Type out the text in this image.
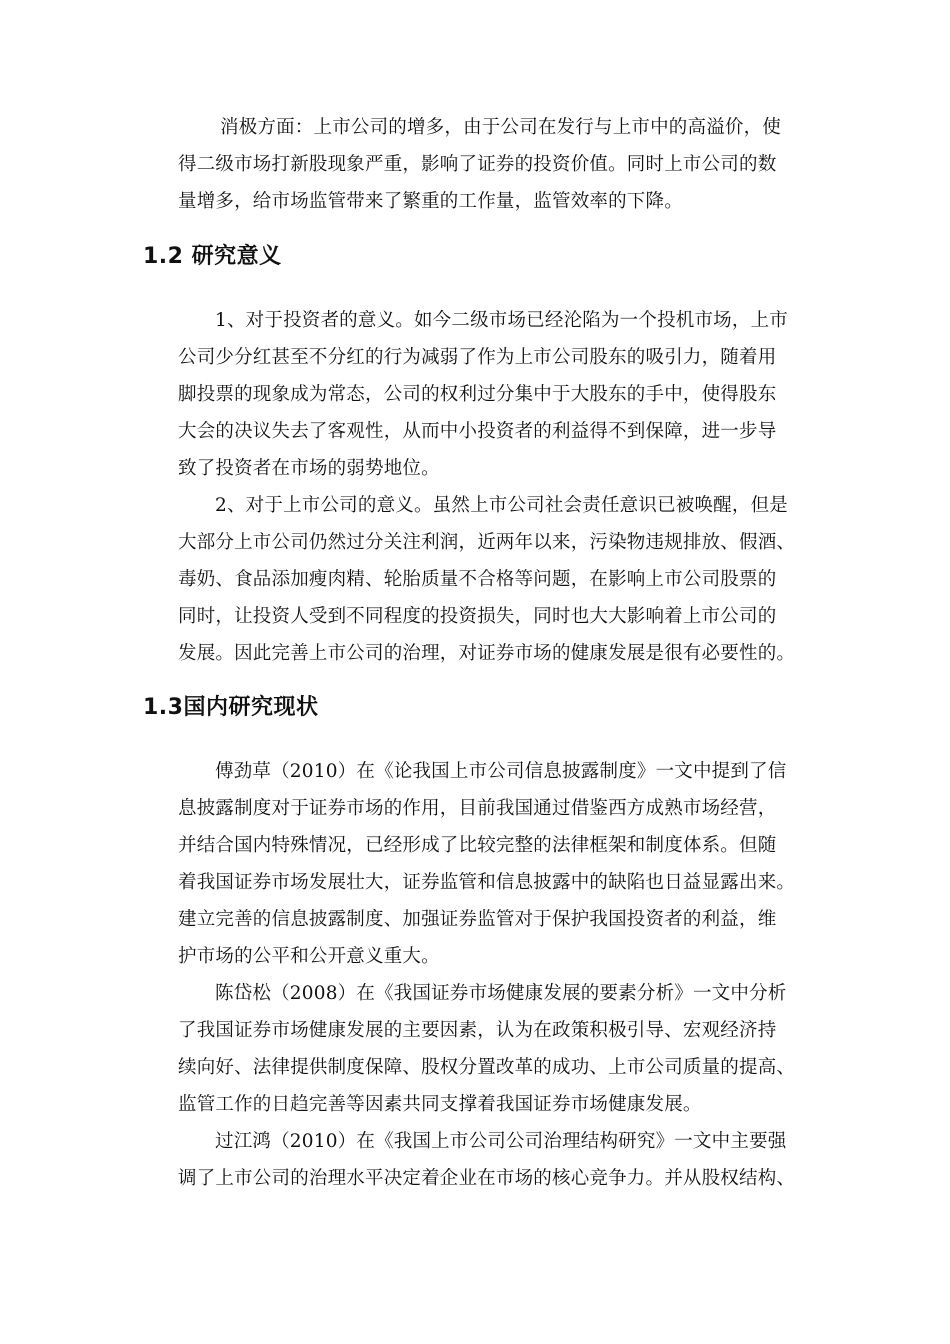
消极方面：上市公司的增多，由于公司在发行与上市中的高溢价，使
得二级市场打新股现象严重，影响了证券的投资价值。同时上市公司的数
量增多，给市场监管带来了繁重的工作量，监管效率的下降。
1.2 研究意义
1、对于投资者的意义。如今二级市场已经沦陷为一个投机市场，上市
公司少分红甚至不分红的行为减弱了作为上市公司股东的吸引力，随着用
脚投票的现象成为常态，公司的权利过分集中于大股东的手中，使得股东
大会的决议失去了客观性，从而中小投资者的利益得不到保障，进一步导
致了投资者在市场的弱势地位。
2、对于上市公司的意义。虽然上市公司社会责任意识已被唤醒，但是
大部分上市公司仍然过分关注利润，近两年以来，污染物违规排放、假酒、
毒奶、食品添加瘦肉精、轮胎质量不合格等问题，在影响上市公司股票的
同时，让投资人受到不同程度的投资损失，同时也大大影响着上市公司的
发展。因此完善上市公司的治理，对证券市场的健康发展是很有必要性的。
1.3国内研究现状
傅劲草（2010）在《论我国上市公司信息披露制度》一文中提到了信
息披露制度对于证券市场的作用，目前我国通过借鉴西方成熟市场经营，
并结合国内特殊情况，已经形成了比较完整的法律框架和制度体系。但随
着我国证券市场发展壮大，证券监管和信息披露中的缺陷也日益显露出来。
建立完善的信息披露制度、加强证券监管对于保护我国投资者的利益，维
护市场的公平和公开意义重大。
陈岱松（2008）在《我国证券市场健康发展的要素分析》一文中分析
了我国证券市场健康发展的主要因素，认为在政策积极引导、宏观经济持
续向好、法律提供制度保障、股权分置改革的成功、上市公司质量的提高、
监管工作的日趋完善等因素共同支撑着我国证券市场健康发展。
过江鸿（2010）在《我国上市公司公司治理结构研究》一文中主要强
调了上市公司的治理水平决定着企业在市场的核心竞争力。并从股权结构、
